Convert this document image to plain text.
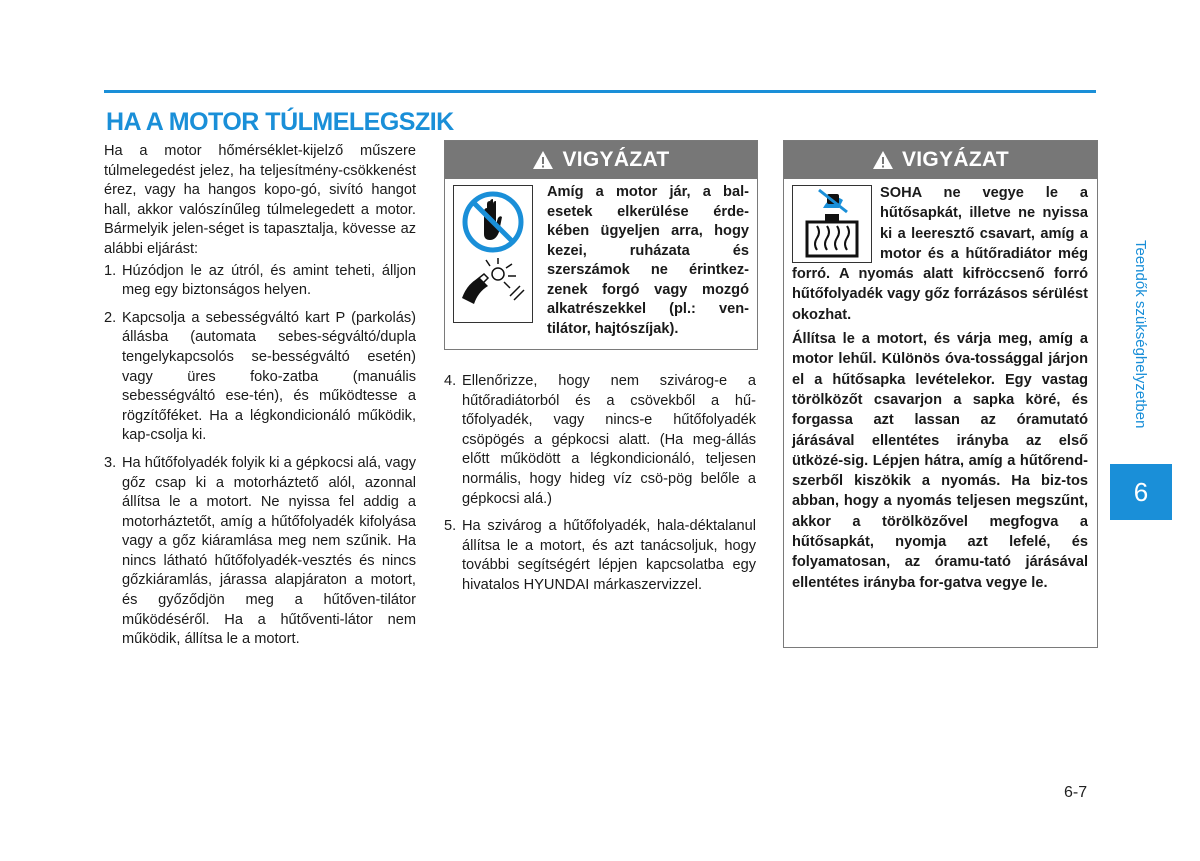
HA A MOTOR TÚLMELEGSZIK

Ha a motor hőmérséklet-kijelző műszere túlmelegedést jelez, ha teljesítmény-csökkenést érez, vagy ha hangos kopo-gó, sivító hangot hall, akkor valószínűleg túlmelegedett a motor. Bármelyik jelen-séget is tapasztalja, kövesse az alábbi eljárást:

1. Húzódjon le az útról, és amint teheti, álljon meg egy biztonságos helyen.
2. Kapcsolja a sebességváltó kart P (parkolás) állásba (automata sebes-ségváltó/dupla tengelykapcsolós se-bességváltó esetén) vagy üres foko-zatba (manuális sebességváltó ese-tén), és működtesse a rögzítőféket. Ha a légkondicionáló működik, kap-csolja ki.
3. Ha hűtőfolyadék folyik ki a gépkocsi alá, vagy gőz csap ki a motorháztető alól, azonnal állítsa le a motort. Ne nyissa fel addig a motorháztetőt, amíg a hűtőfolyadék kifolyása vagy a gőz kiáramlása meg nem szűnik. Ha nincs látható hűtőfolyadék-vesztés és nincs gőzkiáramlás, járassa alapjáraton a motort, és győződjön meg a hűtőven-tilátor működéséről. Ha a hűtőventi-látor nem működik, állítsa le a motort.
VIGYÁZAT
Amíg a motor jár, a bal-esetek elkerülése érde-kében ügyeljen arra, hogy kezei, ruházata és szerszámok ne érintkez-zenek forgó vagy mozgó alkatrészekkel (pl.: ven-tilátor, hajtószíjak).
4. Ellenőrizze, hogy nem szivárog-e a hűtőradiátorból és a csövekből a hű-tőfolyadék, vagy nincs-e hűtőfolyadék csöpögés a gépkocsi alatt. (Ha meg-állás előtt működött a légkondicionáló, teljesen normális, hogy hideg víz csö-pög belőle a gépkocsi alá.)
5. Ha szivárog a hűtőfolyadék, hala-déktalanul állítsa le a motort, és azt tanácsoljuk, hogy további segítségért lépjen kapcsolatba egy hivatalos HYUNDAI márkaszervizzel.
VIGYÁZAT

SOHA ne vegye le a hűtősapkát, illetve ne nyissa ki a leeresztő csavart, amíg a motor és a hűtőradiátor még forró. A nyomás alatt kifröccsenő forró hűtőfolyadék vagy gőz forrázásos sérülést okozhat.

Állítsa le a motort, és várja meg, amíg a motor lehűl. Különös óva-tossággal járjon el a hűtősapka levételekor. Egy vastag törölközőt csavarjon a sapka köré, és forgassa azt lassan az óramutató járásával ellentétes irányba az első ütközé-sig. Lépjen hátra, amíg a hűtőrend-szerből kiszökik a nyomás. Ha biz-tos abban, hogy a nyomás teljesen megszűnt, akkor a törölközővel megfogva a hűtősapkát, nyomja azt lefelé, és folyamatosan, az óramu-tató járásával ellentétes irányba for-gatva vegye le.

Teendők szükséghelyzetben
6
6-7
